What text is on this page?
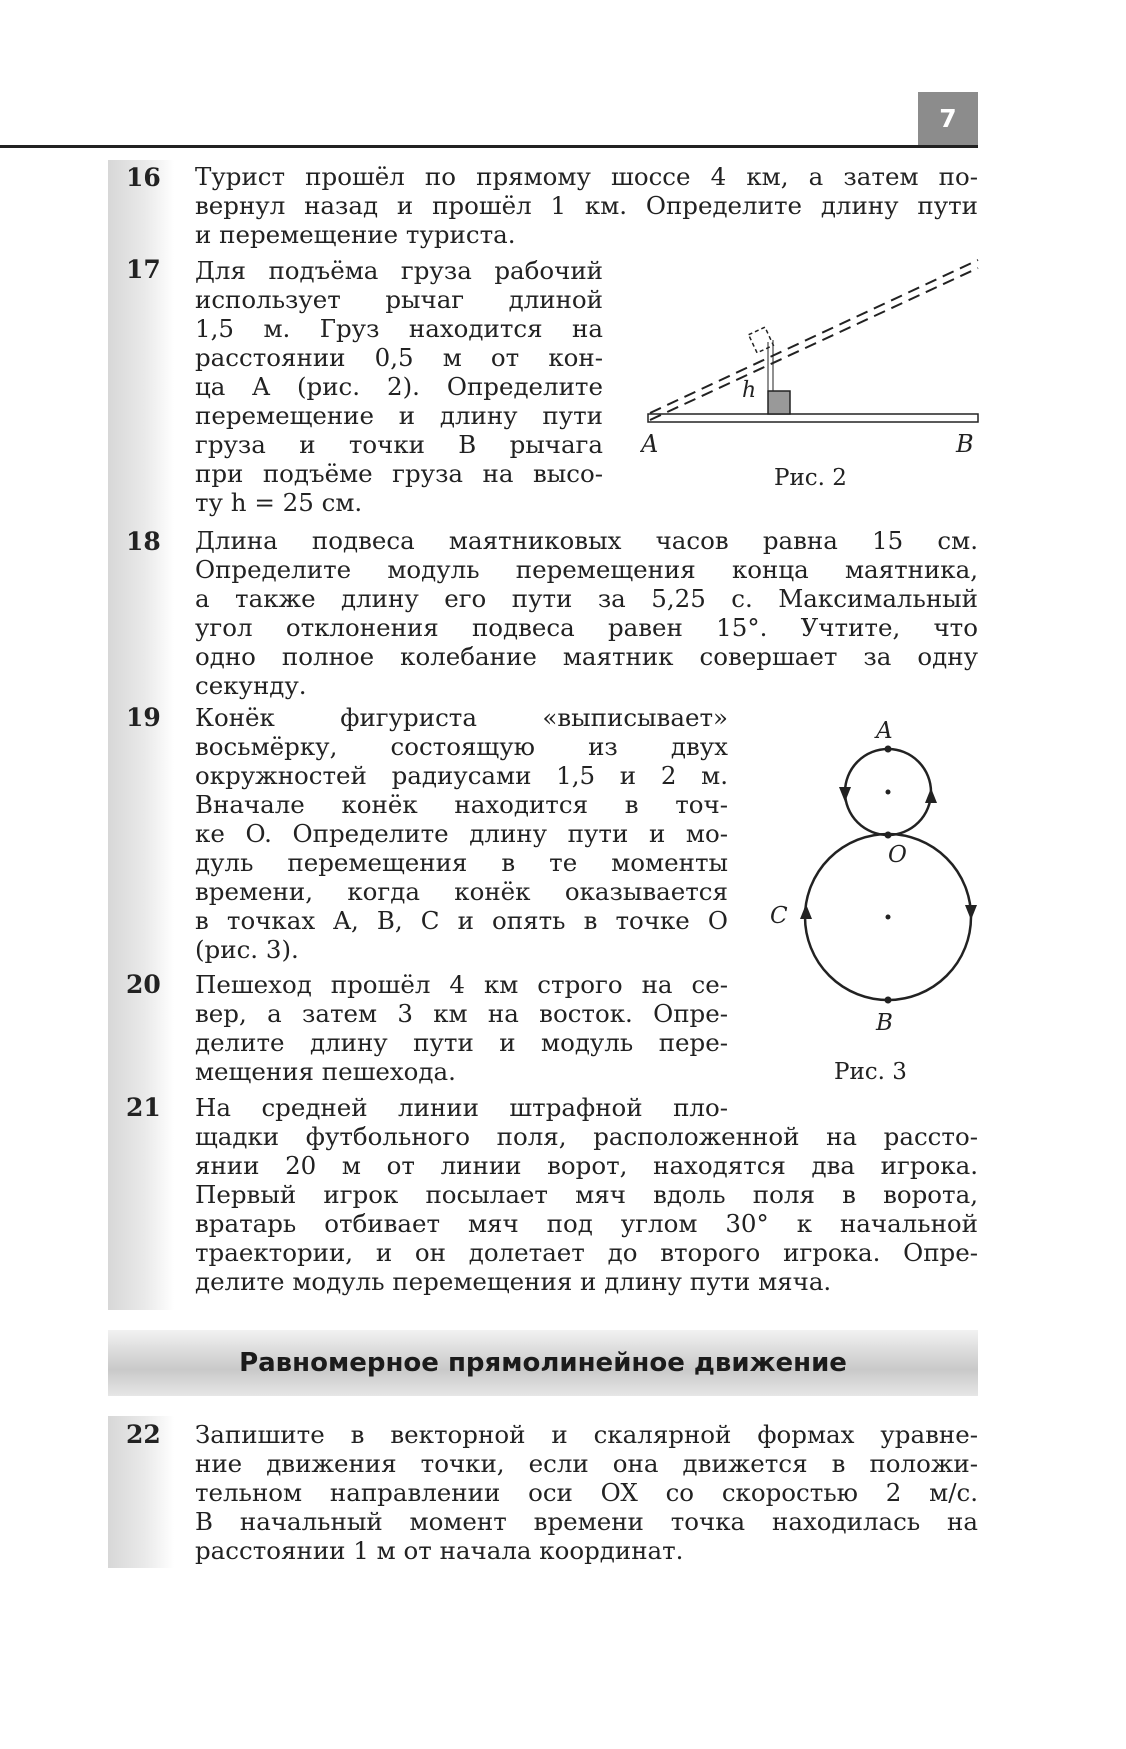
7
16 Турист прошёл по прямому шоссе 4 км, а затем по-
вернул назад и прошёл 1 км. Определите длину пути
и перемещение туриста.
17 Для подъёма груза рабочий
использует рычаг длиной
1,5 м. Груз находится на
расстоянии 0,5 м от кон-
ца A (рис. 2). Определите
перемещение и длину пути
груза и точки B рычага
при подъёме груза на высо-
ту h = 25 см.
h
A	B
Рис. 2
18 Длина подвеса маятниковых часов равна 15 см.
Определите модуль перемещения конца маятника,
а также длину его пути за 5,25 с. Максимальный
угол отклонения подвеса равен 15°. Учтите, что
одно полное колебание маятник совершает за одну
секунду.
19 Конёк фигуриста «выписывает»
восьмёрку, состоящую из двух
окружностей радиусами 1,5 и 2 м.
Вначале конёк находится в точ-
ке O. Определите длину пути и мо-
дуль перемещения в те моменты
времени, когда конёк оказывается
в точках A, B, C и опять в точке O
(рис. 3).
A
O
C
B
Рис. 3
20 Пешеход прошёл 4 км строго на се-
вер, а затем 3 км на восток. Опре-
делите длину пути и модуль пере-
мещения пешехода.
21 На средней линии штрафной пло-
щадки футбольного поля, расположенной на рассто-
янии 20 м от линии ворот, находятся два игрока.
Первый игрок посылает мяч вдоль поля в ворота,
вратарь отбивает мяч под углом 30° к начальной
траектории, и он долетает до второго игрока. Опре-
делите модуль перемещения и длину пути мяча.
Равномерное прямолинейное движение
22 Запишите в векторной и скалярной формах уравне-
ние движения точки, если она движется в положи-
тельном направлении оси OX со скоростью 2 м/с.
В начальный момент времени точка находилась на
расстоянии 1 м от начала координат.
